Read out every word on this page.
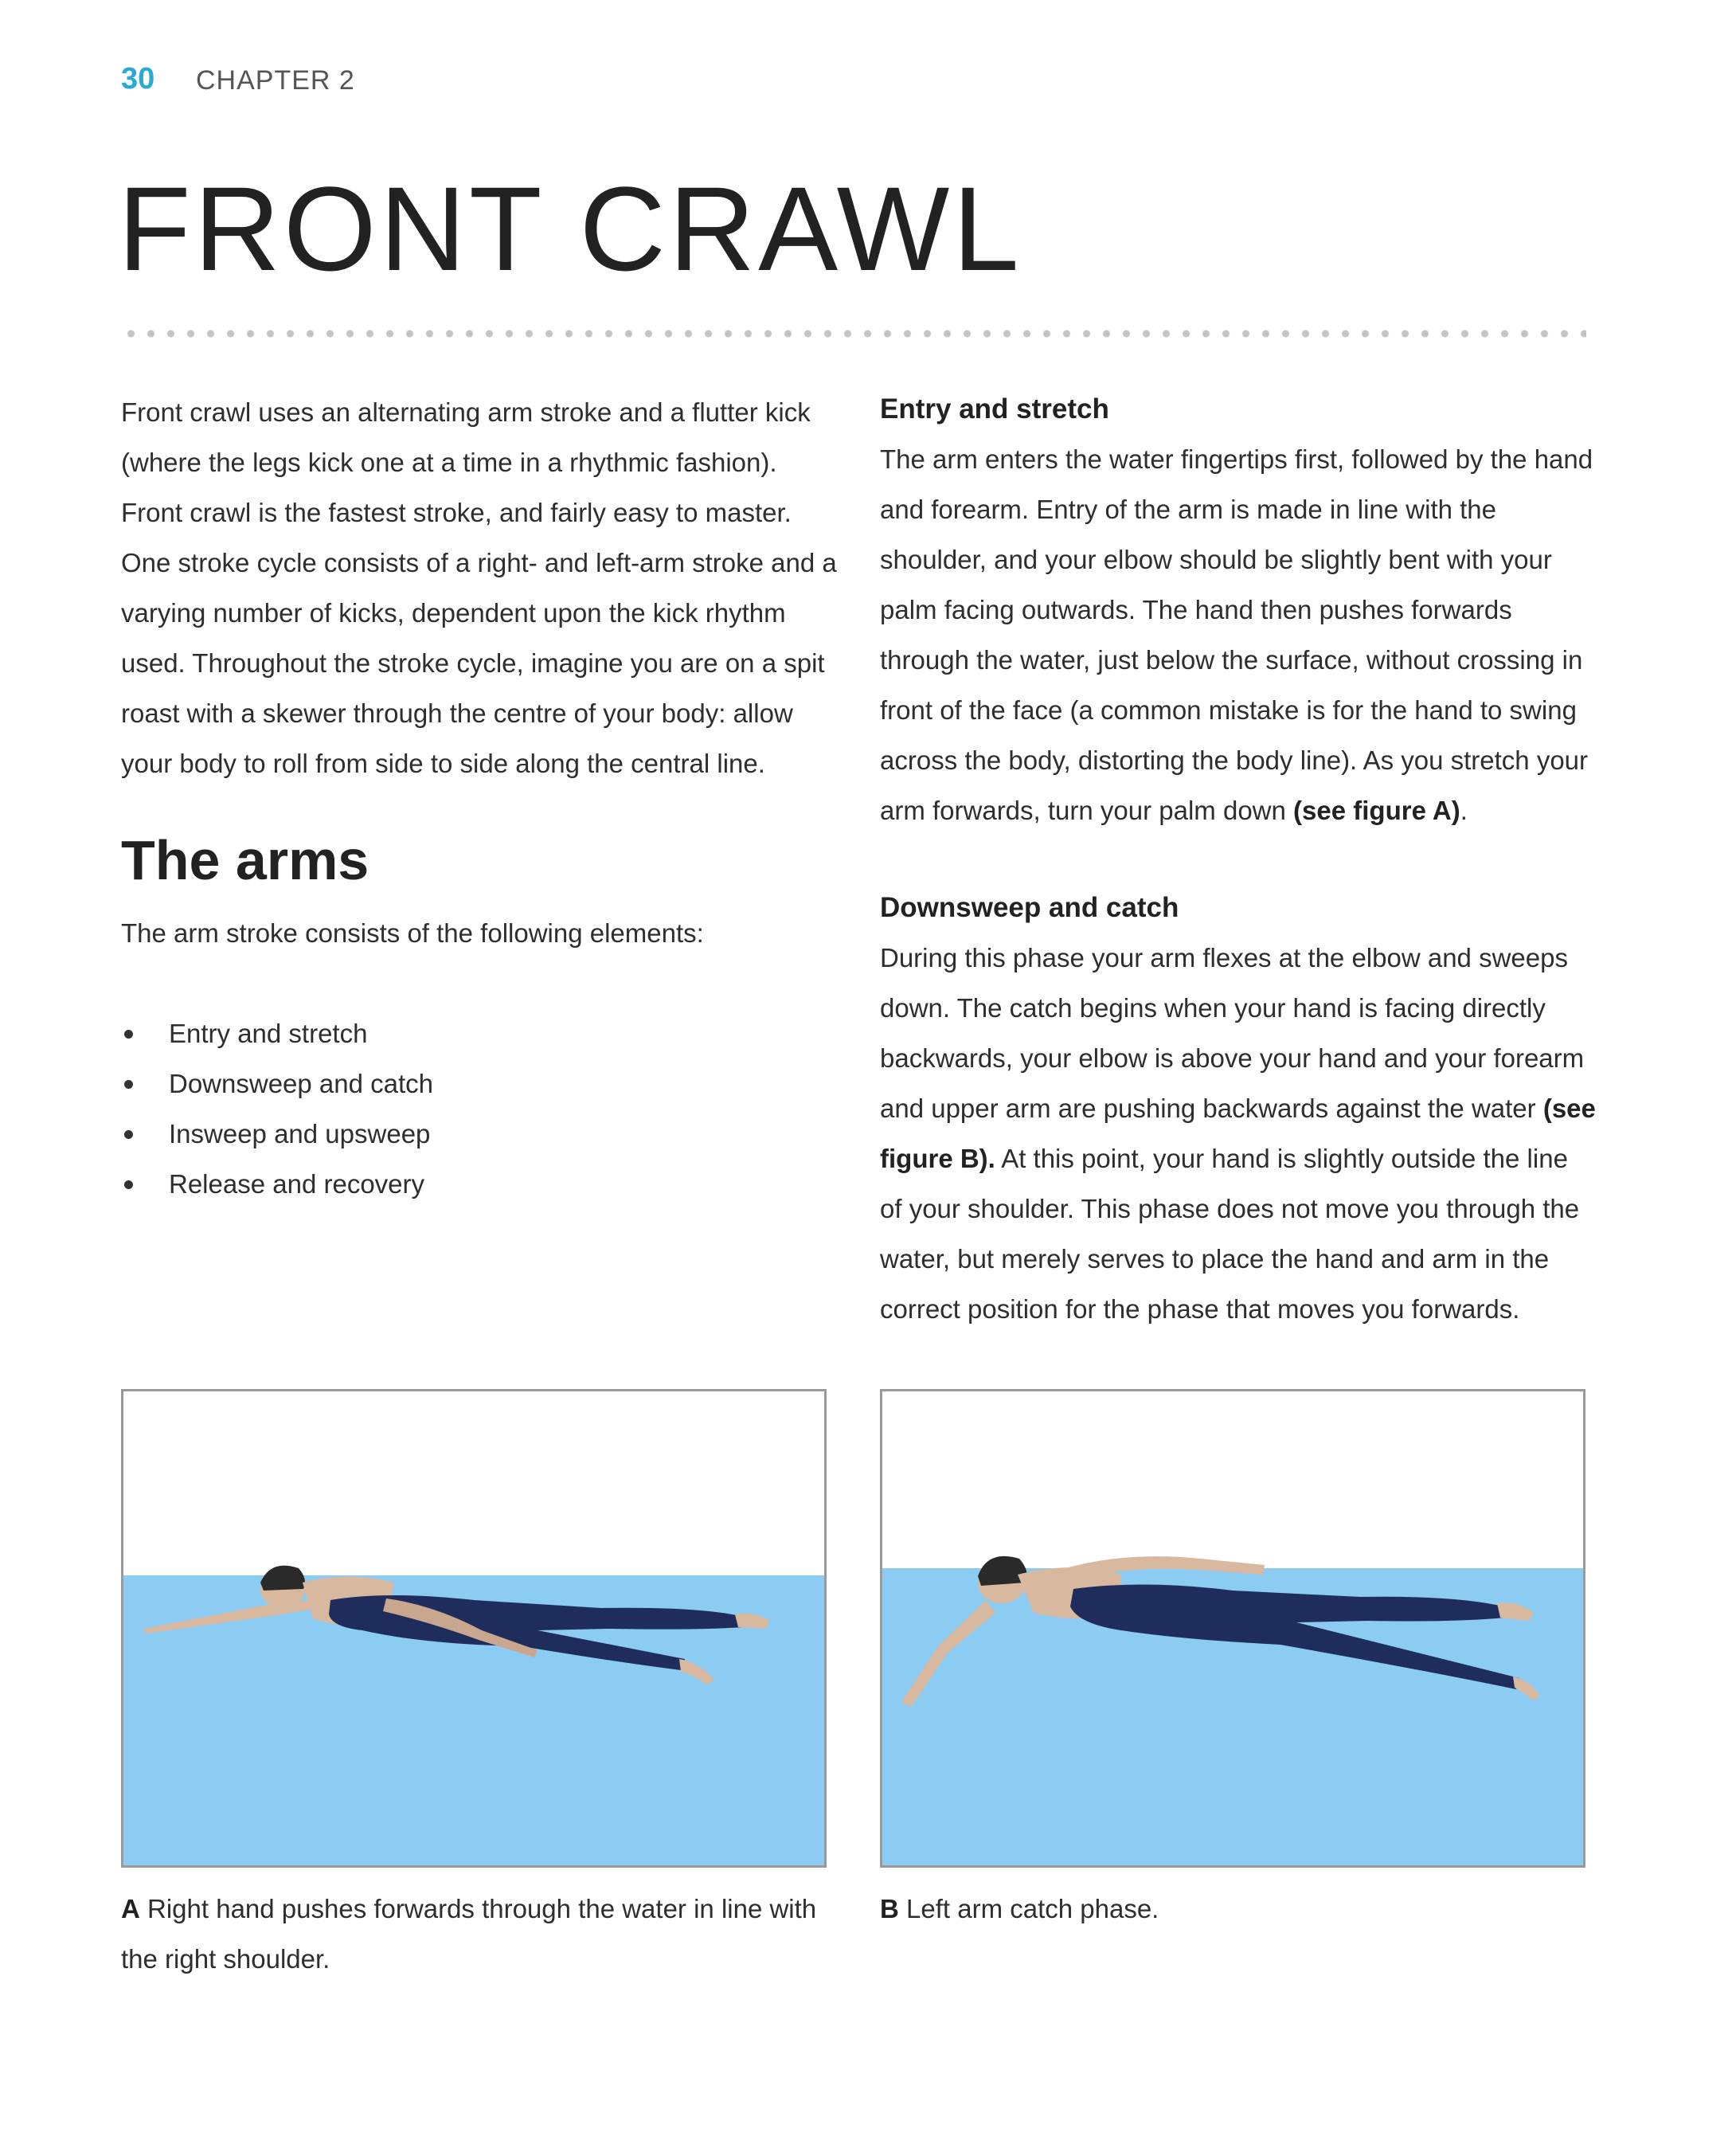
30 CHAPTER 2
FRONT CRAWL

Front crawl uses an alternating arm stroke and a flutter kick (where the legs kick one at a time in a rhythmic fashion). Front crawl is the fastest stroke, and fairly easy to master. One stroke cycle consists of a right- and left-arm stroke and a varying number of kicks, dependent upon the kick rhythm used. Throughout the stroke cycle, imagine you are on a spit roast with a skewer through the centre of your body: allow your body to roll from side to side along the central line.

The arms

The arm stroke consists of the following elements:

Entry and stretch
Downsweep and catch
Insweep and upsweep
Release and recovery
Entry and stretch

The arm enters the water fingertips first, followed by the hand and forearm. Entry of the arm is made in line with the shoulder, and your elbow should be slightly bent with your palm facing outwards. The hand then pushes forwards through the water, just below the surface, without crossing in front of the face (a common mistake is for the hand to swing across the body, distorting the body line). As you stretch your arm forwards, turn your palm down (see figure A).

Downsweep and catch

During this phase your arm flexes at the elbow and sweeps down. The catch begins when your hand is facing directly backwards, your elbow is above your hand and your forearm and upper arm are pushing backwards against the water (see figure B). At this point, your hand is slightly outside the line of your shoulder. This phase does not move you through the water, but merely serves to place the hand and arm in the correct position for the phase that moves you forwards.

A Right hand pushes forwards through the water in line with the right shoulder.
B Left arm catch phase.
